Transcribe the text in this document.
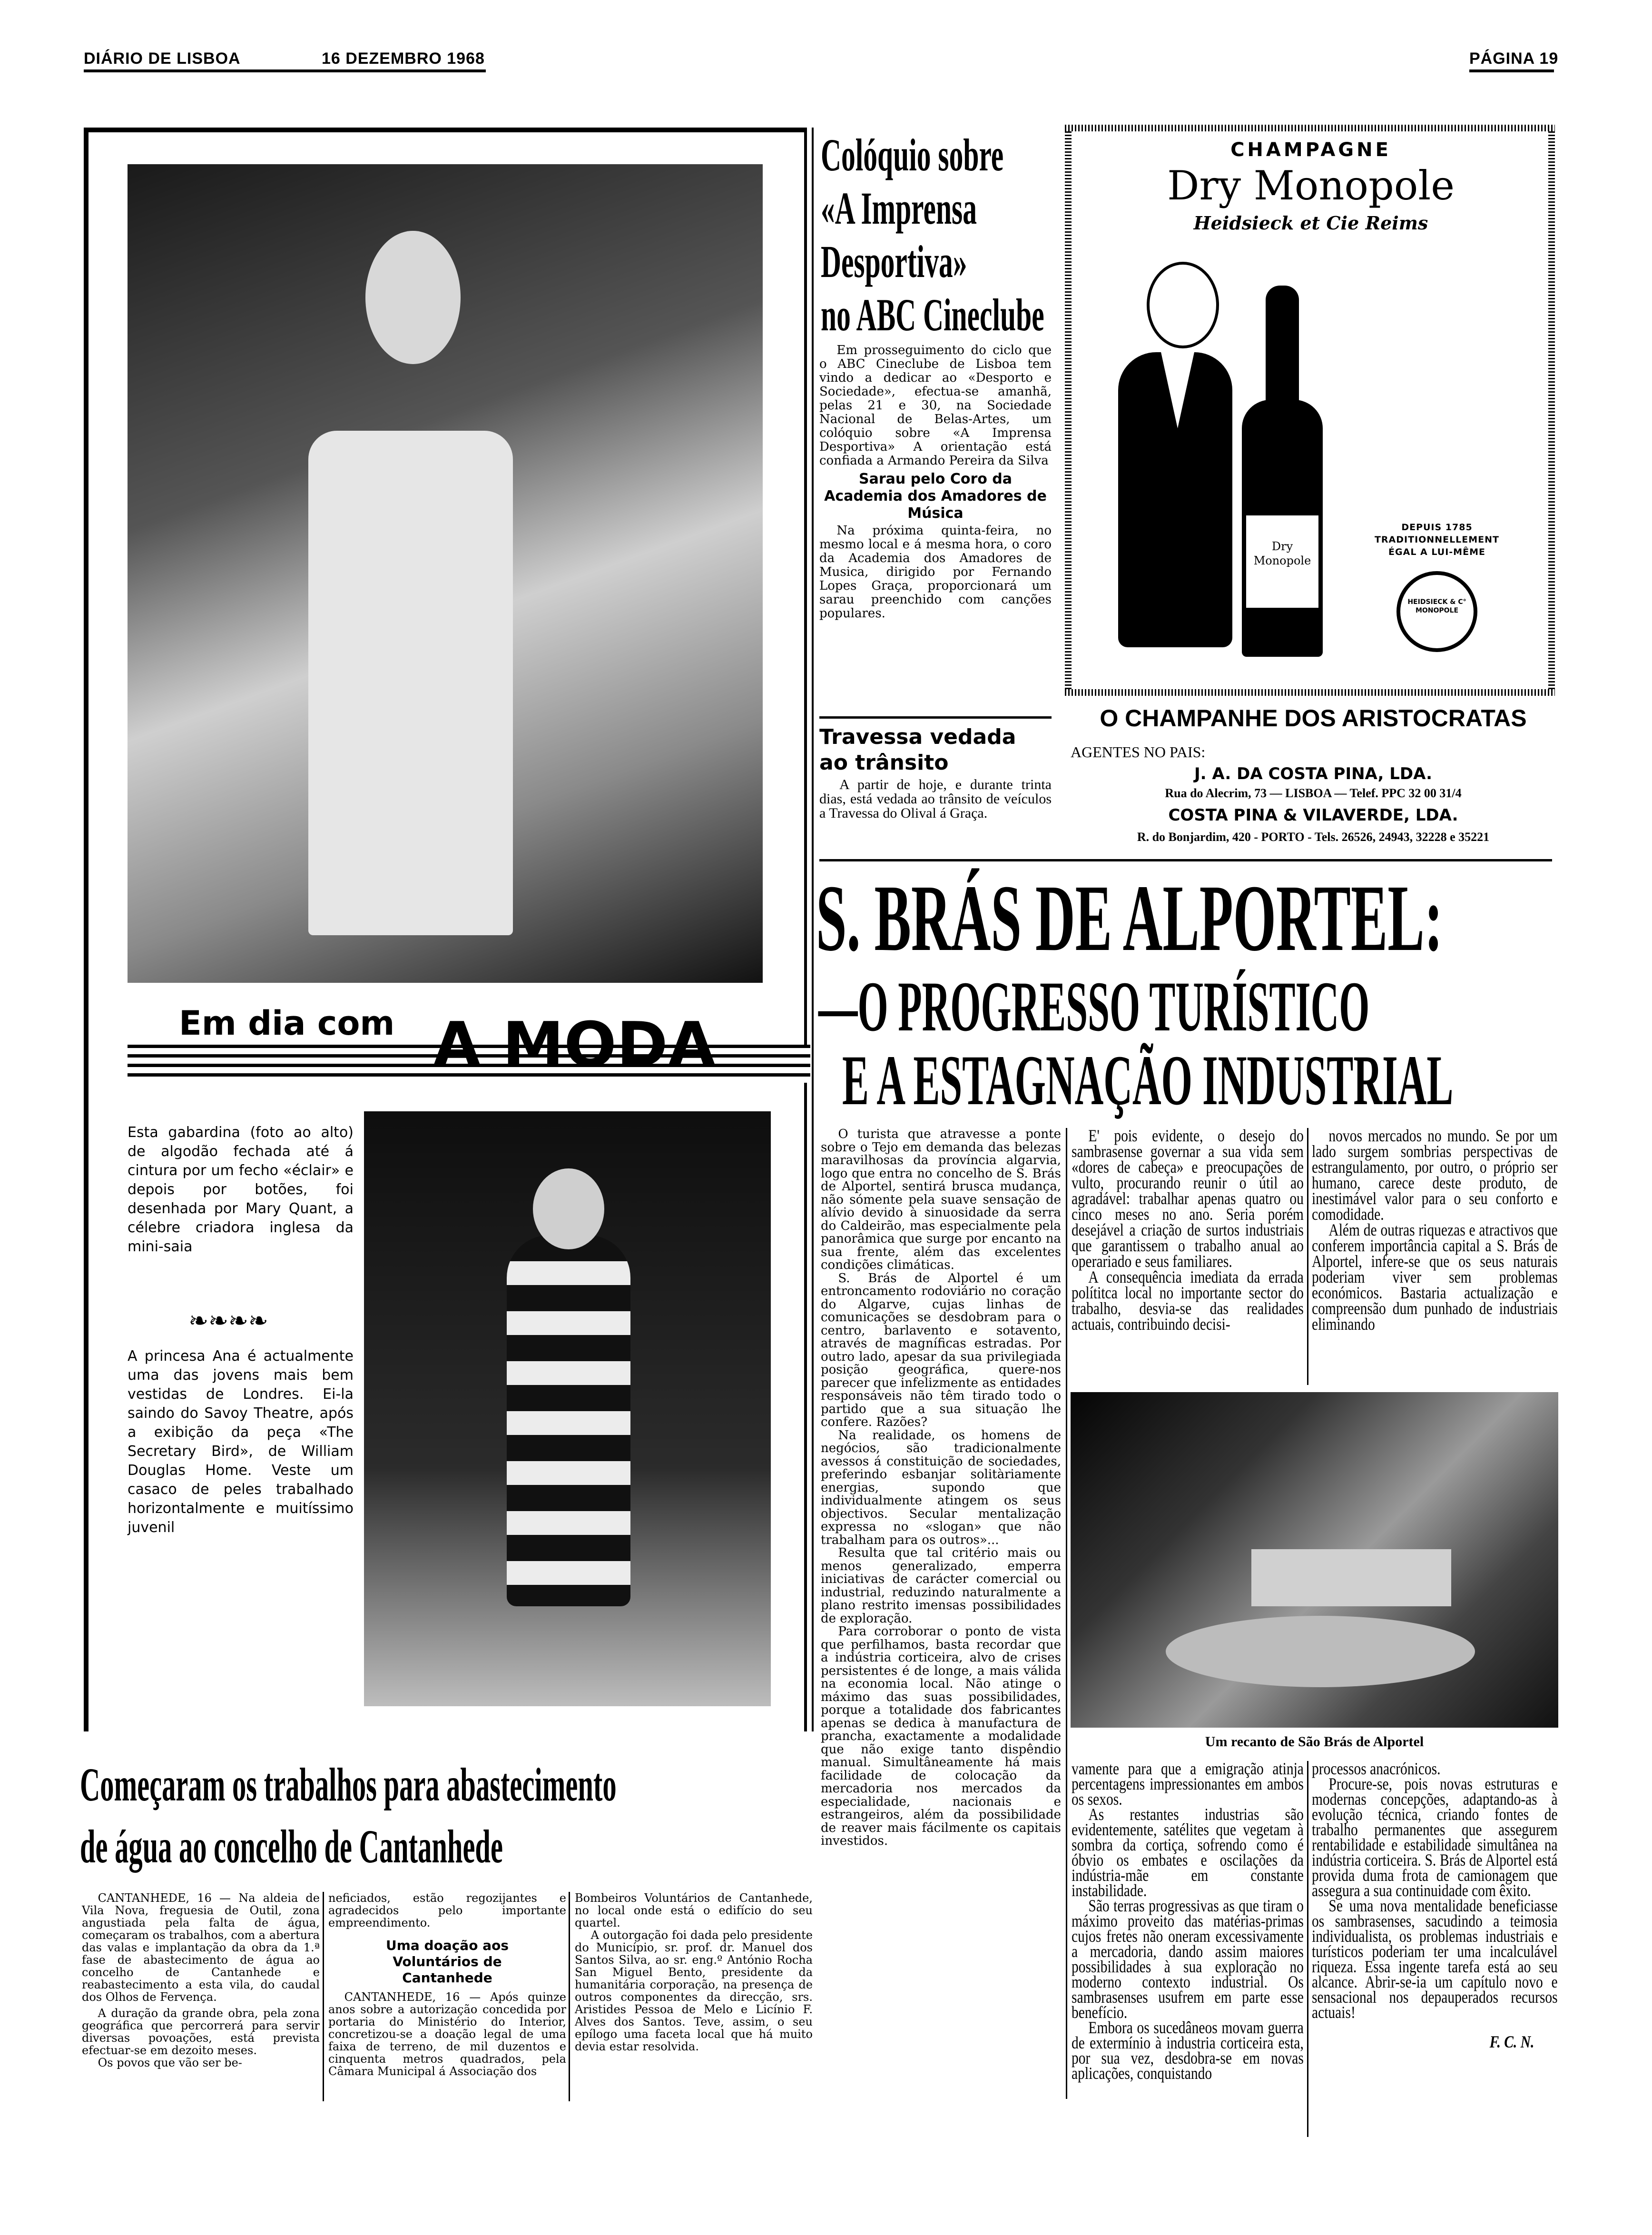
DIÁRIO DE LISBOA	16 DEZEMBRO 1968	PÁGINA 19
Em dia com A MODA
Esta gabardina (foto ao alto) de algodão fechada até á cintura por um fecho «éclair» e depois por botões, foi desenhada por Mary Quant, a célebre criadora inglesa da mini-saia
❧❧❧❧
A princesa Ana é actualmente uma das jovens mais bem vestidas de Londres. Ei-la saindo do Savoy Theatre, após a exibição da peça «The Secretary Bird», de William Douglas Home. Veste um casaco de peles trabalhado horizontalmente e muitíssimo juvenil
Colóquio sobre
«A Imprensa
Desportiva»
no ABC Cineclube
Em prosseguimento do ciclo que o ABC Cineclube de Lisboa tem vindo a dedicar ao «Desporto e Sociedade», efectua-se amanhã, pelas 21 e 30, na Sociedade Nacional de Belas-Artes, um colóquio sobre «A Imprensa Desportiva» A orientação está confiada a Armando Pereira da Silva
Sarau pelo Coro da Academia dos Amadores de Música
Na próxima quinta-feira, no mesmo local e á mesma hora, o coro da Academia dos Amadores de Musica, dirigido por Fernando Lopes Graça, proporcionará um sarau preenchido com canções populares.
Travessa vedada ao trânsito
A partir de hoje, e durante trinta dias, está vedada ao trânsito de veículos a Travessa do Olival á Graça.
CHAMPAGNE
Dry Monopole
Heidsieck et Cie Reims
Dry Monopole
DEPUIS 1785
TRADITIONNELLEMENT
ÉGAL A LUI-MÊME
HEIDSIECK & C° MONOPOLE
O CHAMPANHE DOS ARISTOCRATAS
AGENTES NO PAIS:
J. A. DA COSTA PINA, LDA.
Rua do Alecrim, 73 — LISBOA — Telef. PPC 32 00 31/4
COSTA PINA & VILAVERDE, LDA.
R. do Bonjardim, 420 - PORTO - Tels. 26526, 24943, 32228 e 35221
S. BRÁS DE ALPORTEL:
—O PROGRESSO TURÍSTICO
E A ESTAGNAÇÃO INDUSTRIAL

O turista que atravesse a ponte sobre o Tejo em demanda das belezas maravilhosas da província algarvia, logo que entra no concelho de S. Brás de Alportel, sentirá brusca mudança, não sómente pela suave sensação de alívio devido à sinuosidade da serra do Caldeirão, mas especialmente pela panorâmica que surge por encanto na sua frente, além das excelentes condições climáticas.

S. Brás de Alportel é um entroncamento rodoviário no coração do Algarve, cujas linhas de comunicações se desdobram para o centro, barlavento e sotavento, através de magníficas estradas. Por outro lado, apesar da sua privilegiada posição geográfica, quere-nos parecer que infelizmente as entidades responsáveis não têm tirado todo o partido que a sua situação lhe confere. Razões?

Na realidade, os homens de negócios, são tradicionalmente avessos á constituição de sociedades, preferindo esbanjar solitàriamente energias, supondo que individualmente atingem os seus objectivos. Secular mentalização expressa no «slogan» que não trabalham para os outros»...

Resulta que tal critério mais ou menos generalizado, emperra iniciativas de carácter comercial ou industrial, reduzindo naturalmente a plano restrito imensas possibilidades de exploração.

Para corroborar o ponto de vista que perfilhamos, basta recordar que a indústria corticeira, alvo de crises persistentes é de longe, a mais válida na economia local. Não atinge o máximo das suas possibilidades, porque a totalidade dos fabricantes apenas se dedica à manufactura de prancha, exactamente a modalidade que não exige tanto dispêndio manual. Simultâneamente há mais facilidade de colocação da mercadoria nos mercados da especialidade, nacionais e estrangeiros, além da possibilidade de reaver mais fácilmente os capitais investidos.

E' pois evidente, o desejo do sambrasense governar a sua vida sem «dores de cabeça» e preocupações de vulto, procurando reunir o útil ao agradável: trabalhar apenas quatro ou cinco meses no ano. Seria porém desejável a criação de surtos industriais que garantissem o trabalho anual ao operariado e seus familiares.

A consequência imediata da errada polítitca local no importante sector do trabalho, desvia-se das realidades actuais, contribuindo decisi-

novos mercados no mundo. Se por um lado surgem sombrias perspectivas de estrangulamento, por outro, o próprio ser humano, carece deste produto, de inestimável valor para o seu conforto e comodidade.

Além de outras riquezas e atractivos que conferem importância capital a S. Brás de Alportel, infere-se que os seus naturais poderiam viver sem problemas económicos. Bastaria actualização e compreensão dum punhado de industriais eliminando

Um recanto de São Brás de Alportel

vamente para que a emigração atinja percentagens impressionantes em ambos os sexos.

As restantes industrias são evidentemente, satélites que vegetam à sombra da cortiça, sofrendo como é óbvio os embates e oscilações da indústria-mãe em constante instabilidade.

São terras progressivas as que tiram o máximo proveito das matérias-primas cujos fretes não oneram excessivamente a mercadoria, dando assim maiores possibilidades à sua exploração no moderno contexto industrial. Os sambrasenses usufrem em parte esse benefício.

Embora os sucedâneos movam guerra de extermínio à industria corticeira esta, por sua vez, desdobra-se em novas aplicações, conquistando

processos anacrónicos.

Procure-se, pois novas estruturas e modernas concepções, adaptando-as à evolução técnica, criando fontes de trabalho permanentes que assegurem rentabilidade e estabilidade simultânea na indústria corticeira. S. Brás de Alportel está provida duma frota de camionagem que assegura a sua continuidade com êxito.

Se uma nova mentalidade beneficiasse os sambrasenses, sacudindo a teimosia individualista, os problemas industriais e turísticos poderiam ter uma incalculável riqueza. Essa ingente tarefa está ao seu alcance. Abrir-se-ia um capítulo novo e sensacional nos depauperados recursos actuais!

F. C. N.

Começaram os trabalhos para abastecimento
de água ao concelho de Cantanhede

CANTANHEDE, 16 — Na aldeia de Vila Nova, freguesia de Outil, zona angustiada pela falta de água, começaram os trabalhos, com a abertura das valas e implantação da obra da 1.ª fase de abastecimento de água ao concelho de Cantanhede e reabastecimento a esta vila, do caudal dos Olhos de Fervença.

A duração da grande obra, pela zona geográfica que percorrerá para servir diversas povoações, está prevista efectuar-se em dezoito meses.

Os povos que vão ser be-

neficiados, estão regozijantes e agradecidos pelo importante empreendimento.
Uma doação aos Voluntários de Cantanhede
CANTANHEDE, 16 — Após quinze anos sobre a autorização concedida por portaria do Ministério do Interior, concretizou-se a doação legal de uma faixa de terreno, de mil duzentos e cinquenta metros quadrados, pela Câmara Municipal á Associação dos

Bombeiros Voluntários de Cantanhede, no local onde está o edifício do seu quartel.

A outorgação foi dada pelo presidente do Município, sr. prof. dr. Manuel dos Santos Silva, ao sr. eng.º António Rocha San Miguel Bento, presidente da humanitária corporação, na presença de outros componentes da direcção, srs. Aristides Pessoa de Melo e Licínio F. Alves dos Santos. Teve, assim, o seu epílogo uma faceta local que há muito devia estar resolvida.
